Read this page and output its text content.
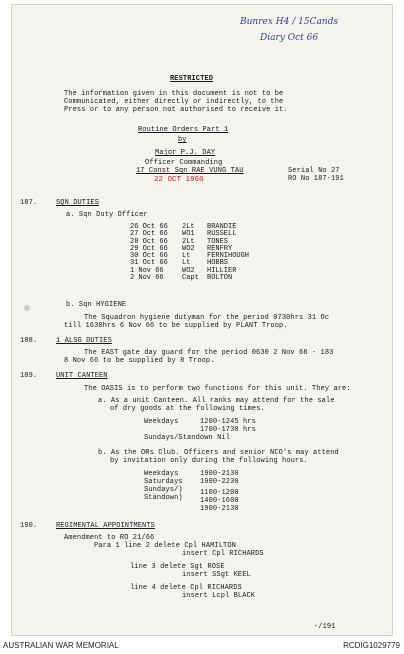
Bunrex H4 / 15Cands
Diary Oct 66
RESTRICTED
The information given in this document is not to be
Communicated, either directly or indirectly, to the
Press or to any person not authorised to receive it.
Routine Orders Part 1
by
Major P.J. DAY
Officer Commanding
17 Const Sqn RAE VUNG TAU	Serial No 27
RO No 187-191
22 OCT 1966
187.	SQN DUTIES
a. Sqn Duty Officer
26 Oct 66	2Lt	BRANDIE
27 Oct 66	WO1	RUSSELL
28 Oct 66	2Lt	TONES
29 Oct 66	WO2	RENFRY
30 Oct 66	Lt	FERNIHOUGH
31 Oct 66	Lt	HOBBS
1 Nov 66	WO2	HILLIER
2 Nov 66	Capt	BOLTON
b. Sqn HYGIENE
The Squadron hygiene dutyman for the period 0730hrs 31 Oc
till 1630hrs 6 Nov 66 to be supplied by PLANT Troop.
188.	1 ALSG DUTIES
The EAST gate day guard for the period 0630 2 Nov 66 - 183
8 Nov 66 to be supplied by 8 Troop.
189.	UNIT CANTEEN
The OASIS is to perform two functions for this unit. They are:
a. As a unit Canteen. All ranks may attend for the sale
of dry goods at the following times.
Weekdays	1200-1245 hrs
1700-1730 hrs
Sundays/Standown Nil
b. As the ORs Club. Officers and senior NCO's may attend
by invitation only during the following hours.
Weekdays	1900-2130
Saturdays 1900-2230
Sundays/) 1100-1200
Standown) 1400-1600
1900-2130
190.	REGIMENTAL APPOINTMENTS
Amendment to RO 21/66
Para 1 line 2 delete Cpl HAMILTON
insert Cpl RICHARDS
line 3 delete Sgt ROSE
insert SSgt KEEL
line 4 delete Cpl RICHARDS
insert Lcpl BLACK
-/191
AUSTRALIAN WAR MEMORIAL	RCDIG1029779
